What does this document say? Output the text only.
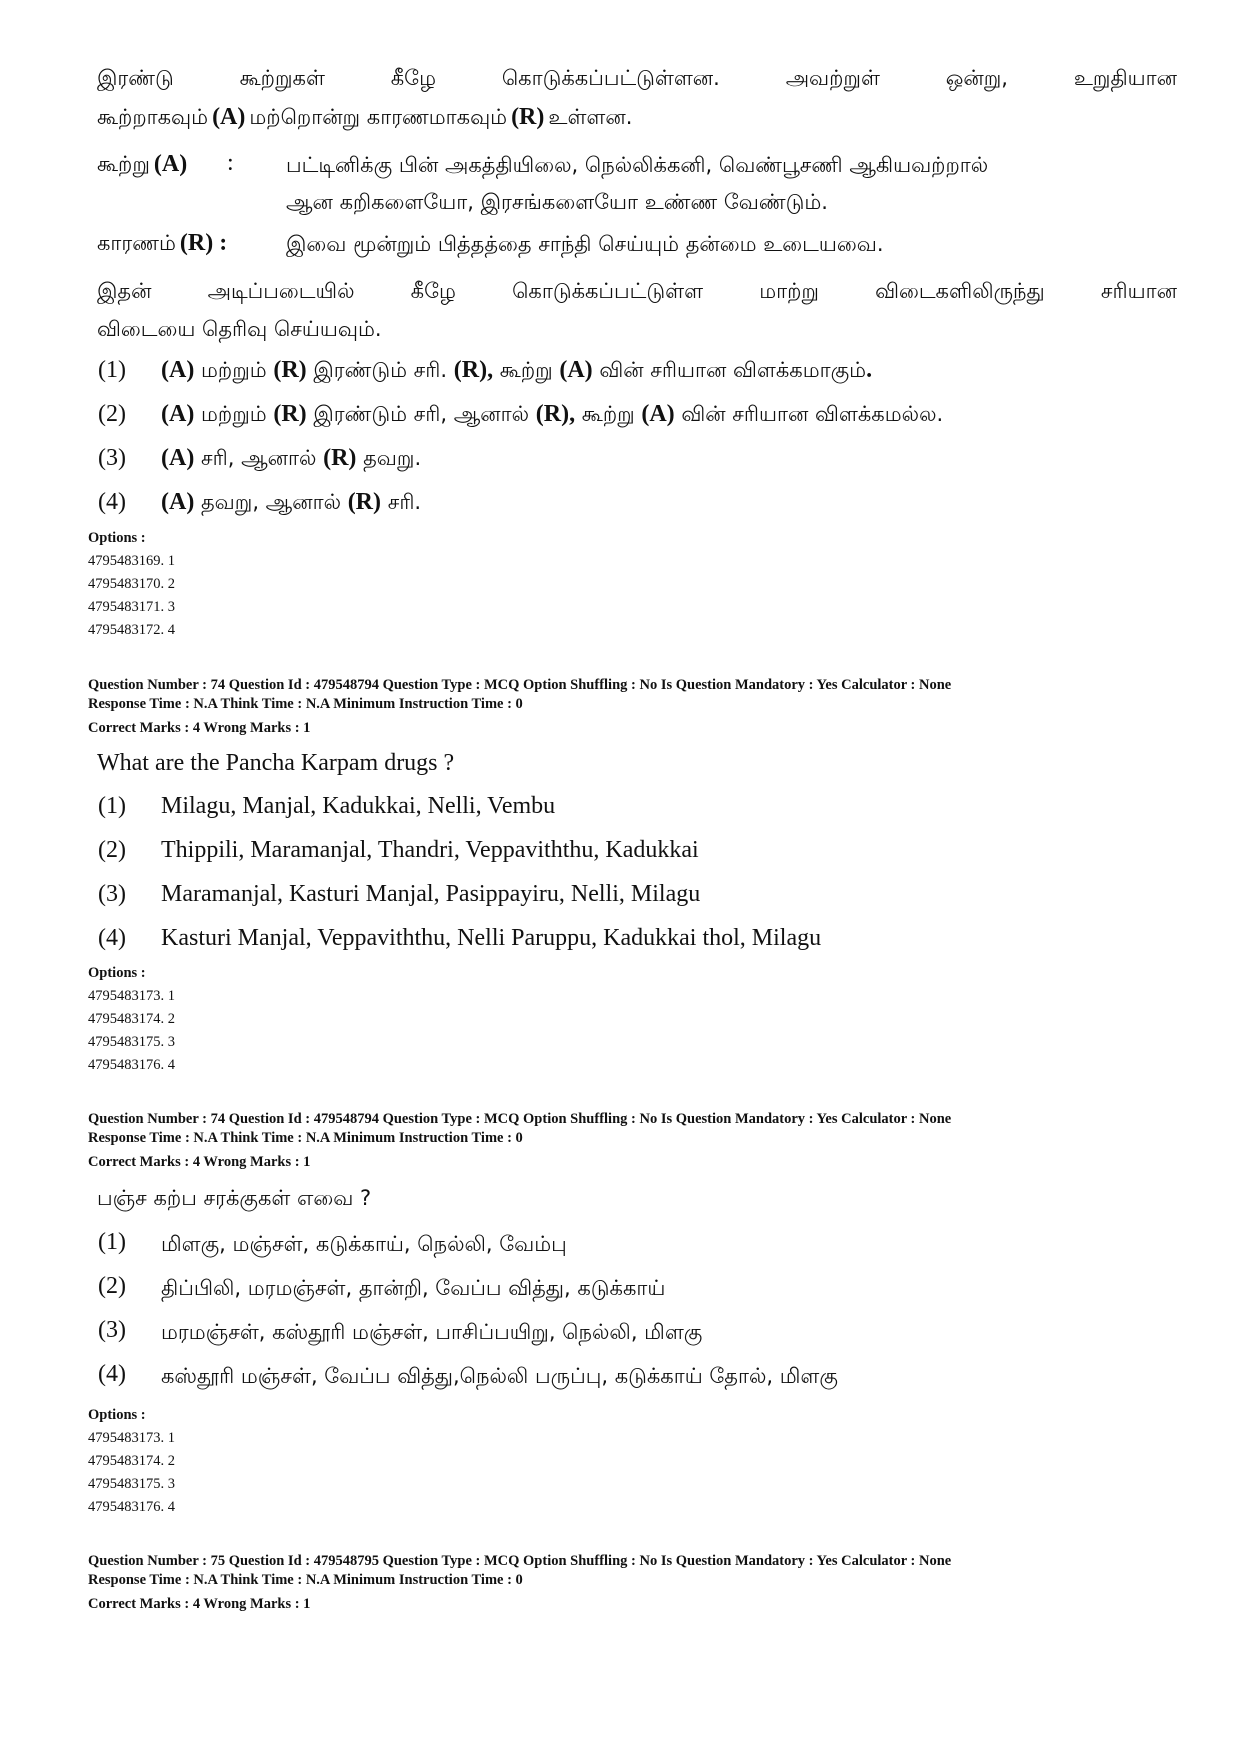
இரண்டு கூற்றுகள் கீழே கொடுக்கப்பட்டுள்ளன. அவற்றுள் ஒன்று, உறுதியான
கூற்றாகவும் (A) மற்றொன்று காரணமாகவும் (R) உள்ளன.
கூற்று (A) : பட்டினிக்கு பின் அகத்தியிலை, நெல்லிக்கனி, வெண்பூசணி ஆகியவற்றால்
ஆன கறிகளையோ, இரசங்களையோ உண்ண வேண்டும்.
காரணம் (R) :	இவை மூன்றும் பித்தத்தை சாந்தி செய்யும் தன்மை உடையவை.
இதன் அடிப்படையில் கீழே கொடுக்கப்பட்டுள்ள மாற்று விடைகளிலிருந்து சரியான
விடையை தெரிவு செய்யவும்.
(1) (A) மற்றும் (R) இரண்டும் சரி. (R), கூற்று (A) வின் சரியான விளக்கமாகும்.
(2) (A) மற்றும் (R) இரண்டும் சரி, ஆனால் (R), கூற்று (A) வின் சரியான விளக்கமல்ல.
(3) (A) சரி, ஆனால் (R) தவறு.
(4) (A) தவறு, ஆனால் (R) சரி.
Options :
4795483169. 1
4795483170. 2
4795483171. 3
4795483172. 4
Question Number : 74 Question Id : 479548794 Question Type : MCQ Option Shuffling : No Is Question Mandatory : Yes Calculator : None
Response Time : N.A Think Time : N.A Minimum Instruction Time : 0
Correct Marks : 4 Wrong Marks : 1
What are the Pancha Karpam drugs ?
(1) Milagu, Manjal, Kadukkai, Nelli, Vembu
(2) Thippili, Maramanjal, Thandri, Veppaviththu, Kadukkai
(3) Maramanjal, Kasturi Manjal, Pasippayiru, Nelli, Milagu
(4) Kasturi Manjal, Veppaviththu, Nelli Paruppu, Kadukkai thol, Milagu
Options :
4795483173. 1
4795483174. 2
4795483175. 3
4795483176. 4
Question Number : 74 Question Id : 479548794 Question Type : MCQ Option Shuffling : No Is Question Mandatory : Yes Calculator : None
Response Time : N.A Think Time : N.A Minimum Instruction Time : 0
Correct Marks : 4 Wrong Marks : 1
பஞ்ச கற்ப சரக்குகள் எவை ?
(1) மிளகு, மஞ்சள், கடுக்காய், நெல்லி, வேம்பு
(2) திப்பிலி, மரமஞ்சள், தான்றி, வேப்ப வித்து, கடுக்காய்
(3) மரமஞ்சள், கஸ்தூரி மஞ்சள், பாசிப்பயிறு, நெல்லி, மிளகு
(4) கஸ்தூரி மஞ்சள், வேப்ப வித்து,நெல்லி பருப்பு, கடுக்காய் தோல், மிளகு
Options :
4795483173. 1
4795483174. 2
4795483175. 3
4795483176. 4
Question Number : 75 Question Id : 479548795 Question Type : MCQ Option Shuffling : No Is Question Mandatory : Yes Calculator : None
Response Time : N.A Think Time : N.A Minimum Instruction Time : 0
Correct Marks : 4 Wrong Marks : 1
